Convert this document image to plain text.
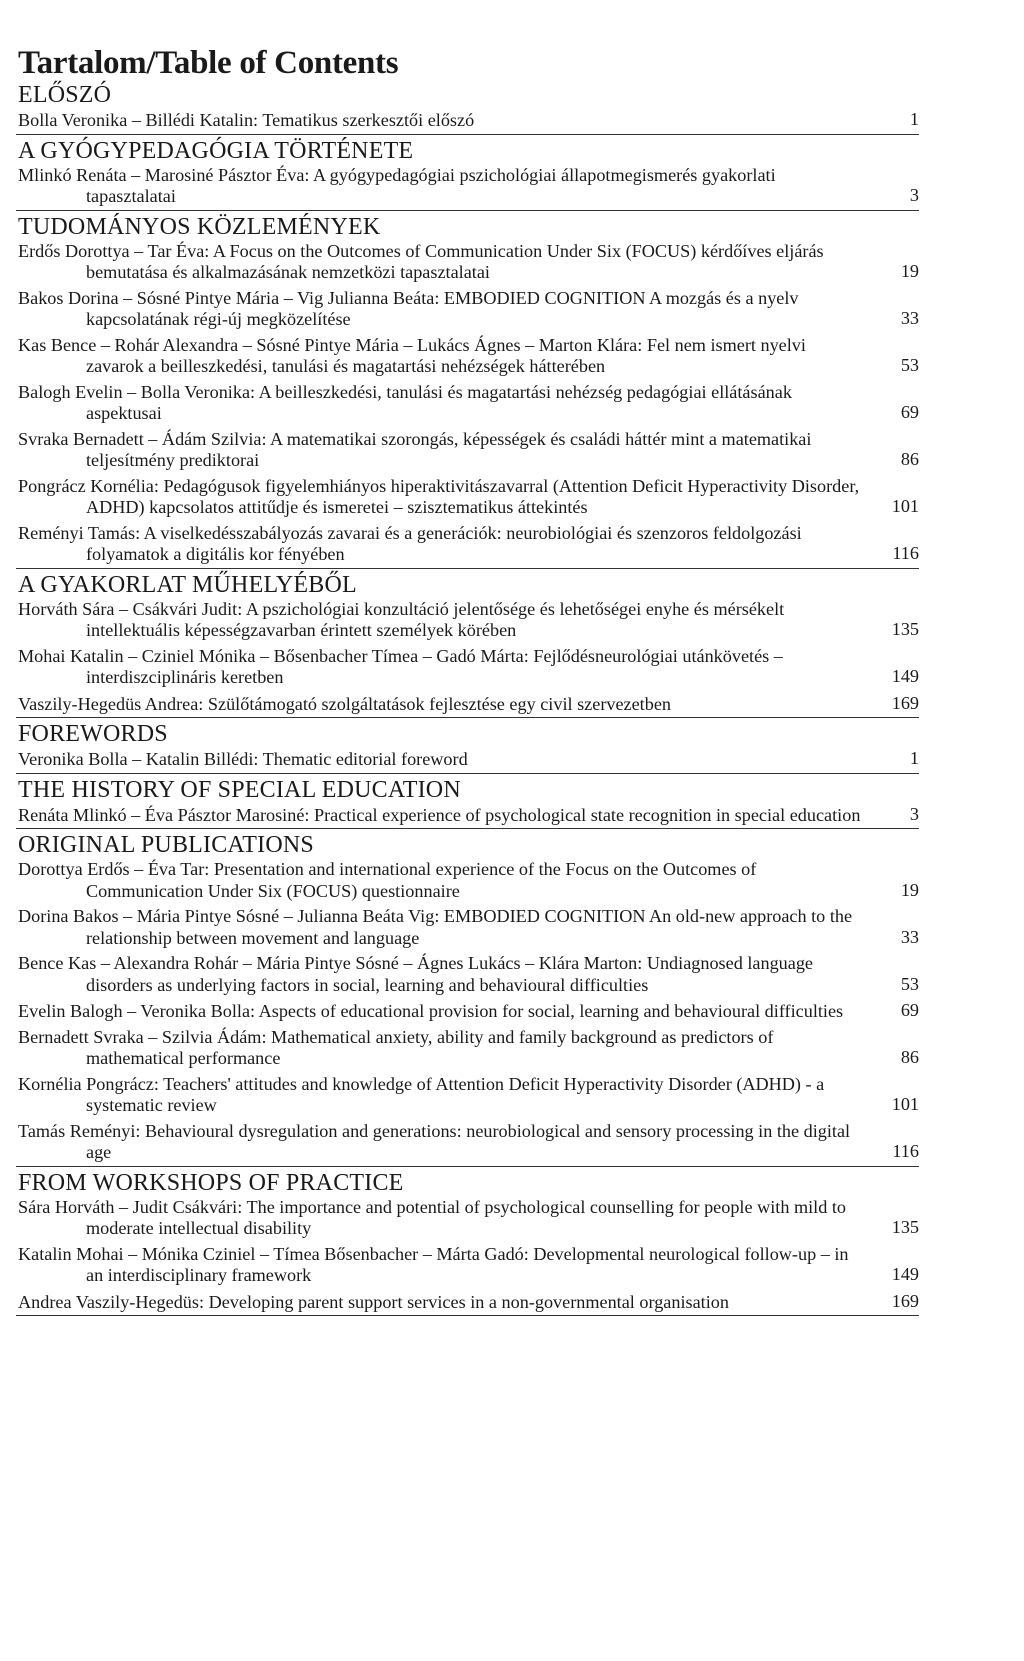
Tartalom/Table of Contents
ELŐSZÓ
Bolla Veronika – Billédi Katalin: Tematikus szerkesztői előszó	1
A GYÓGYPEDAGÓGIA TÖRTÉNETE
Mlinkó Renáta – Marosiné Pásztor Éva: A gyógypedagógiai pszichológiai állapotmegismerés gyakorlati tapasztalatai	3
TUDOMÁNYOS KÖZLEMÉNYEK
Erdős Dorottya – Tar Éva: A Focus on the Outcomes of Communication Under Six (FOCUS) kérdőíves eljárás bemutatása és alkalmazásának nemzetközi tapasztalatai	19
Bakos Dorina – Sósné Pintye Mária – Vig Julianna Beáta: EMBODIED COGNITION A mozgás és a nyelv kapcsolatának régi-új megközelítése	33
Kas Bence – Rohár Alexandra – Sósné Pintye Mária – Lukács Ágnes – Marton Klára: Fel nem ismert nyelvi zavarok a beilleszkedési, tanulási és magatartási nehézségek hátterében	53
Balogh Evelin – Bolla Veronika: A beilleszkedési, tanulási és magatartási nehézség pedagógiai ellátásának aspektusai	69
Svraka Bernadett – Ádám Szilvia: A matematikai szorongás, képességek és családi háttér mint a matematikai teljesítmény prediktorai	86
Pongrácz Kornélia: Pedagógusok figyelemhiányos hiperaktivitászavarral (Attention Deficit Hyperactivity Disorder, ADHD) kapcsolatos attitűdje és ismeretei – szisztematikus áttekintés	101
Reményi Tamás: A viselkedésszabályozás zavarai és a generációk: neurobiológiai és szenzoros feldolgozási folyamatok a digitális kor fényében	116
A GYAKORLAT MŰHELYÉBŐL
Horváth Sára – Csákvári Judit: A pszichológiai konzultáció jelentősége és lehetőségei enyhe és mérsékelt intellektuális képességzavarban érintett személyek körében	135
Mohai Katalin – Cziniel Mónika – Bősenbacher Tímea – Gadó Márta: Fejlődésneurológiai utánkövetés – interdiszciplináris keretben	149
Vaszily-Hegedüs Andrea: Szülőtámogató szolgáltatások fejlesztése egy civil szervezetben	169
FOREWORDS
Veronika Bolla – Katalin Billédi: Thematic editorial foreword	1
THE HISTORY OF SPECIAL EDUCATION
Renáta Mlinkó – Éva Pásztor Marosiné: Practical experience of psychological state recognition in special education	3
ORIGINAL PUBLICATIONS
Dorottya Erdős – Éva Tar: Presentation and international experience of the Focus on the Outcomes of Communication Under Six (FOCUS) questionnaire	19
Dorina Bakos – Mária Pintye Sósné – Julianna Beáta Vig: EMBODIED COGNITION An old-new approach to the relationship between movement and language	33
Bence Kas – Alexandra Rohár – Mária Pintye Sósné – Ágnes Lukács – Klára Marton: Undiagnosed language disorders as underlying factors in social, learning and behavioural difficulties	53
Evelin Balogh – Veronika Bolla: Aspects of educational provision for social, learning and behavioural difficulties	69
Bernadett Svraka – Szilvia Ádám: Mathematical anxiety, ability and family background as predictors of mathematical performance	86
Kornélia Pongrácz: Teachers' attitudes and knowledge of Attention Deficit Hyperactivity Disorder (ADHD) - a systematic review	101
Tamás Reményi: Behavioural dysregulation and generations: neurobiological and sensory processing in the digital age	116
FROM WORKSHOPS OF PRACTICE
Sára Horváth – Judit Csákvári: The importance and potential of psychological counselling for people with mild to moderate intellectual disability	135
Katalin Mohai – Mónika Cziniel – Tímea Bősenbacher – Márta Gadó: Developmental neurological follow-up – in an interdisciplinary framework	149
Andrea Vaszily-Hegedüs: Developing parent support services in a non-governmental organisation	169
